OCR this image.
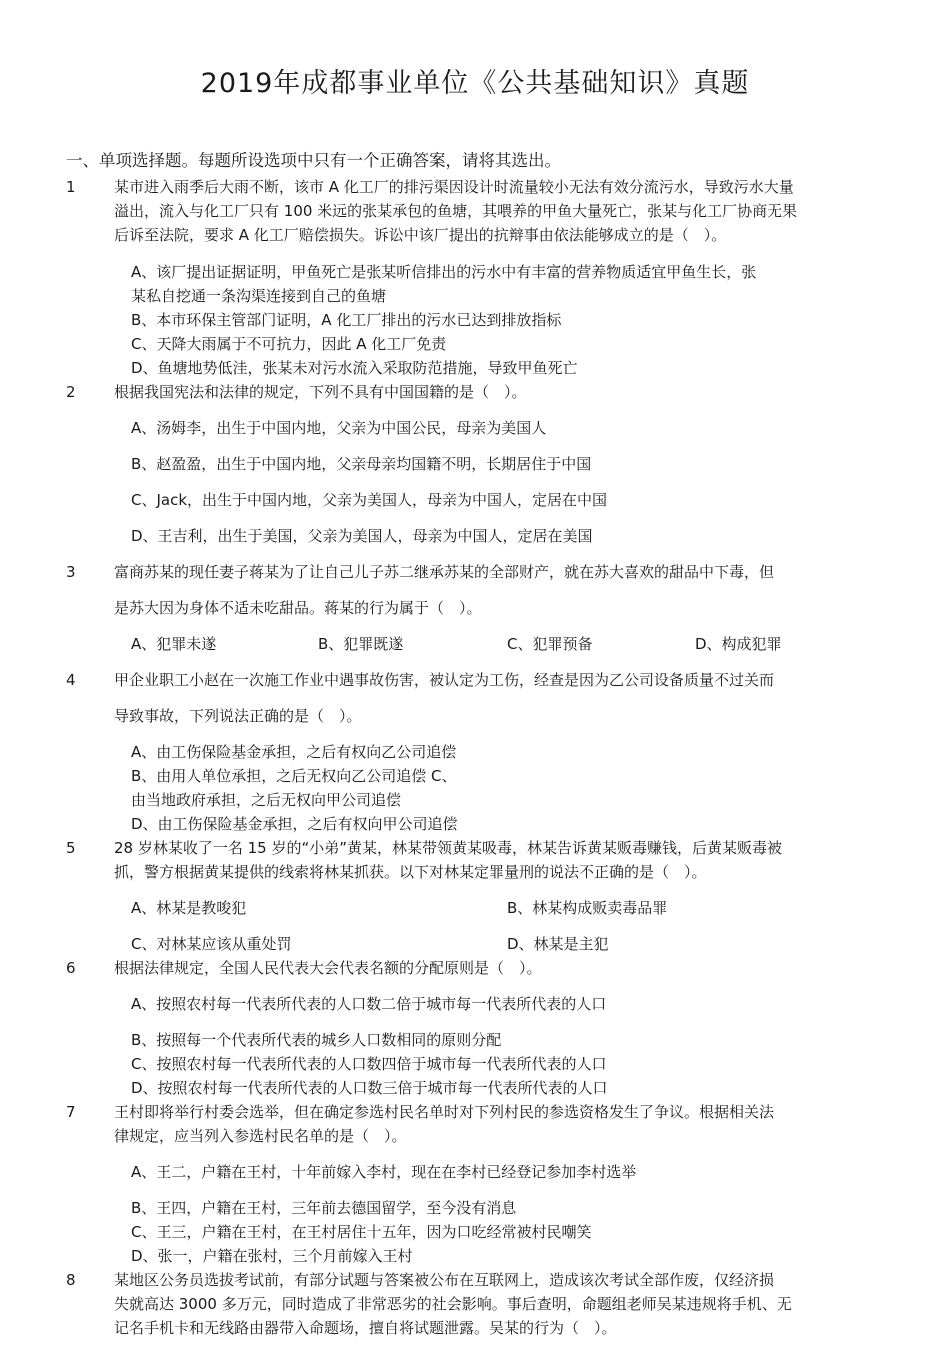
2019年成都事业单位《公共基础知识》真题
一、单项选择题。每题所设选项中只有一个正确答案，请将其选出。
1	某市进入雨季后大雨不断，该市 A 化工厂的排污渠因设计时流量较小无法有效分流污水，导致污水大量
溢出，流入与化工厂只有 100 米远的张某承包的鱼塘，其喂养的甲鱼大量死亡，张某与化工厂协商无果
后诉至法院，要求 A 化工厂赔偿损失。诉讼中该厂提出的抗辩事由依法能够成立的是（　）。
A、该厂提出证据证明，甲鱼死亡是张某听信排出的污水中有丰富的营养物质适宜甲鱼生长，张
某私自挖通一条沟渠连接到自己的鱼塘
B、本市环保主管部门证明，A 化工厂排出的污水已达到排放指标
C、天降大雨属于不可抗力，因此 A 化工厂免责
D、鱼塘地势低洼，张某未对污水流入采取防范措施，导致甲鱼死亡
2	根据我国宪法和法律的规定，下列不具有中国国籍的是（　）。
A、汤姆李，出生于中国内地，父亲为中国公民，母亲为美国人
B、赵盈盈，出生于中国内地，父亲母亲均国籍不明，长期居住于中国
C、Jack，出生于中国内地，父亲为美国人，母亲为中国人，定居在中国
D、王吉利，出生于美国，父亲为美国人，母亲为中国人，定居在美国
3	富商苏某的现任妻子蒋某为了让自己儿子苏二继承苏某的全部财产，就在苏大喜欢的甜品中下毒，但
是苏大因为身体不适未吃甜品。蒋某的行为属于（　）。
A、犯罪未遂	B、犯罪既遂	C、犯罪预备	D、构成犯罪
4	甲企业职工小赵在一次施工作业中遇事故伤害，被认定为工伤，经查是因为乙公司设备质量不过关而
导致事故，下列说法正确的是（　）。
A、由工伤保险基金承担，之后有权向乙公司追偿
B、由用人单位承担，之后无权向乙公司追偿 C、
由当地政府承担，之后无权向甲公司追偿
D、由工伤保险基金承担，之后有权向甲公司追偿
5	28 岁林某收了一名 15 岁的“小弟”黄某，林某带领黄某吸毒，林某告诉黄某贩毒赚钱，后黄某贩毒被
抓，警方根据黄某提供的线索将林某抓获。以下对林某定罪量刑的说法不正确的是（　）。
A、林某是教唆犯	B、林某构成贩卖毒品罪
C、对林某应该从重处罚	D、林某是主犯
6	根据法律规定，全国人民代表大会代表名额的分配原则是（　）。
A、按照农村每一代表所代表的人口数二倍于城市每一代表所代表的人口
B、按照每一个代表所代表的城乡人口数相同的原则分配
C、按照农村每一代表所代表的人口数四倍于城市每一代表所代表的人口
D、按照农村每一代表所代表的人口数三倍于城市每一代表所代表的人口
7	王村即将举行村委会选举，但在确定参选村民名单时对下列村民的参选资格发生了争议。根据相关法
律规定，应当列入参选村民名单的是（　）。
A、王二，户籍在王村，十年前嫁入李村，现在在李村已经登记参加李村选举
B、王四，户籍在王村，三年前去德国留学，至今没有消息
C、王三，户籍在王村，在王村居住十五年，因为口吃经常被村民嘲笑
D、张一，户籍在张村，三个月前嫁入王村
8	某地区公务员选拔考试前，有部分试题与答案被公布在互联网上，造成该次考试全部作废，仅经济损
失就高达 3000 多万元，同时造成了非常恶劣的社会影响。事后查明，命题组老师吴某违规将手机、无
记名手机卡和无线路由器带入命题场，擅自将试题泄露。吴某的行为（　）。
